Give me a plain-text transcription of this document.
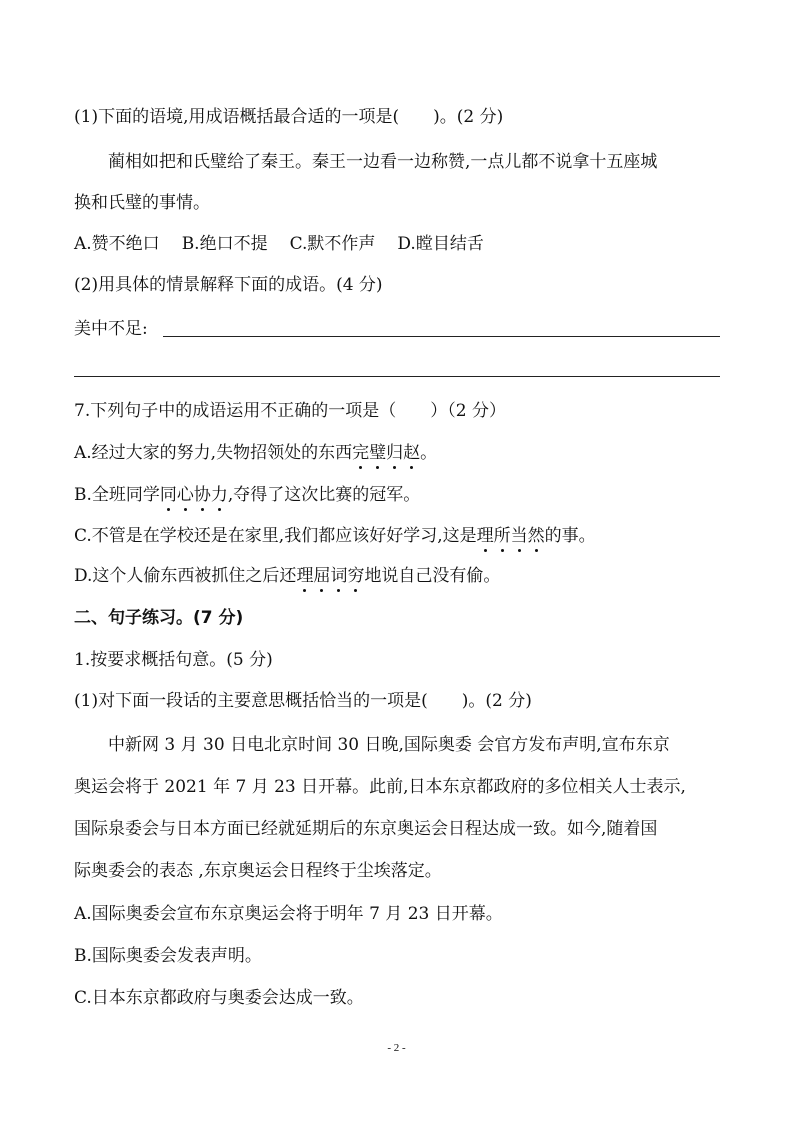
(1)下面的语境,用成语概括最合适的一项是(　　)。(2 分)
蔺相如把和氏璧给了秦王。秦王一边看一边称赞,一点儿都不说拿十五座城
换和氏璧的事情。
A.赞不绝口 B.绝口不提 C.默不作声 D.瞠目结舌
(2)用具体的情景解释下面的成语。(4 分)
美中不足:
7.下列句子中的成语运用不正确的一项是（　　）（2 分）
A.经过大家的努力,失物招领处的东西完璧归赵。
B.全班同学同心协力,夺得了这次比赛的冠军。
C.不管是在学校还是在家里,我们都应该好好学习,这是理所当然的事。
D.这个人偷东西被抓住之后还理屈词穷地说自己没有偷。
二、句子练习。(7 分)
1.按要求概括句意。(5 分)
(1)对下面一段话的主要意思概括恰当的一项是(　　)。(2 分)
中新网 3 月 30 日电北京时间 30 日晚,国际奥委 会官方发布声明,宣布东京
奥运会将于 2021 年 7 月 23 日开幕。此前,日本东京都政府的多位相关人士表示,
国际泉委会与日本方面已经就延期后的东京奥运会日程达成一致。如今,随着国
际奥委会的表态 ,东京奥运会日程终于尘埃落定。
A.国际奥委会宣布东京奥运会将于明年 7 月 23 日开幕。
B.国际奥委会发表声明。
C.日本东京都政府与奥委会达成一致。
- 2 -
